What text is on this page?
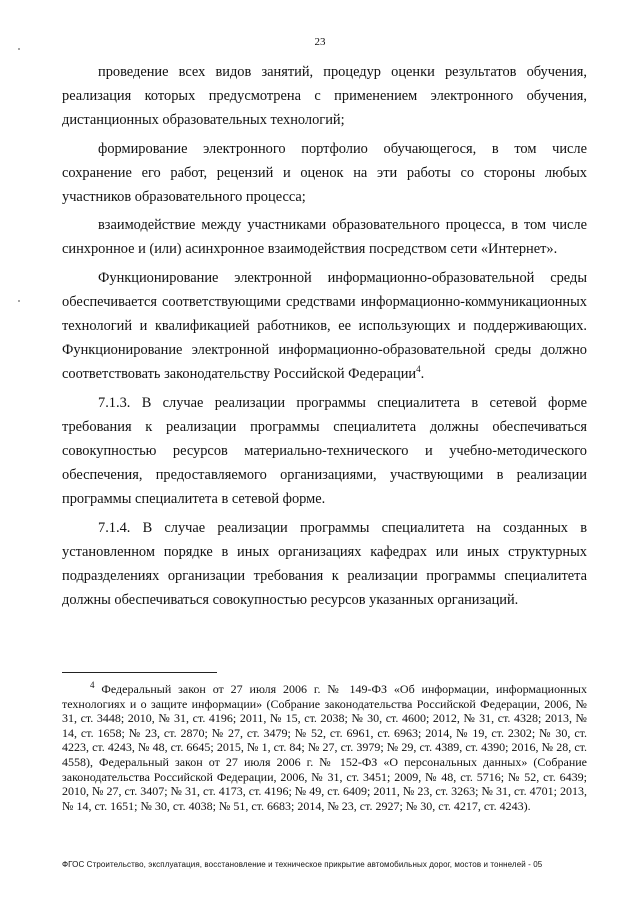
23

проведение всех видов занятий, процедур оценки результатов обучения, реализация которых предусмотрена с применением электронного обучения, дистанционных образовательных технологий;

формирование электронного портфолио обучающегося, в том числе сохранение его работ, рецензий и оценок на эти работы со стороны любых участников образовательного процесса;

взаимодействие между участниками образовательного процесса, в том числе синхронное и (или) асинхронное взаимодействия посредством сети «Интернет».

Функционирование электронной информационно-образовательной среды обеспечивается соответствующими средствами информационно-коммуникационных технологий и квалификацией работников, ее использующих и поддерживающих. Функционирование электронной информационно-образовательной среды должно соответствовать законодательству Российской Федерации$^4$.

7.1.3. В случае реализации программы специалитета в сетевой форме требования к реализации программы специалитета должны обеспечиваться совокупностью ресурсов материально-технического и учебно-методического обеспечения, предоставляемого организациями, участвующими в реализации программы специалитета в сетевой форме.

7.1.4. В случае реализации программы специалитета на созданных в установленном порядке в иных организациях кафедрах или иных структурных подразделениях организации требования к реализации программы специалитета должны обеспечиваться совокупностью ресурсов указанных организаций.

$^4$ Федеральный закон от 27 июля 2006 г. № 149-ФЗ «Об информации, информационных технологиях и о защите информации» (Собрание законодательства Российской Федерации, 2006, № 31, ст. 3448; 2010, № 31, ст. 4196; 2011, № 15, ст. 2038; № 30, ст. 4600; 2012, № 31, ст. 4328; 2013, № 14, ст. 1658; № 23, ст. 2870; № 27, ст. 3479; № 52, ст. 6961, ст. 6963; 2014, № 19, ст. 2302; № 30, ст. 4223, ст. 4243, № 48, ст. 6645; 2015, № 1, ст. 84; № 27, ст. 3979; № 29, ст. 4389, ст. 4390; 2016, № 28, ст. 4558), Федеральный закон от 27 июля 2006 г. № 152-ФЗ «О персональных данных» (Собрание законодательства Российской Федерации, 2006, № 31, ст. 3451; 2009, № 48, ст. 5716; № 52, ст. 6439; 2010, № 27, ст. 3407; № 31, ст. 4173, ст. 4196; № 49, ст. 6409; 2011, № 23, ст. 3263; № 31, ст. 4701; 2013, № 14, ст. 1651; № 30, ст. 4038; № 51, ст. 6683; 2014, № 23, ст. 2927; № 30, ст. 4217, ст. 4243).
ФГОС Строительство, эксплуатация, восстановление и техническое прикрытие автомобильных дорог, мостов и тоннелей - 05
